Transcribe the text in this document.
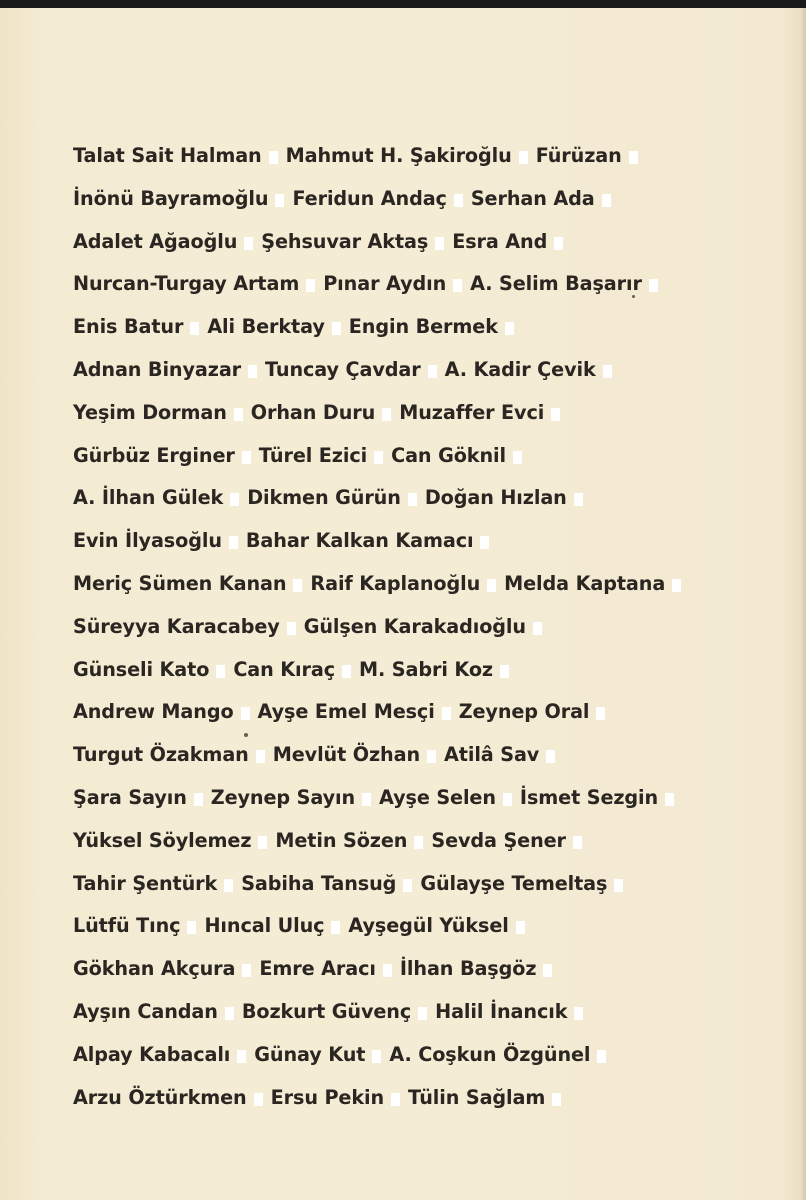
Talat Sait Halman Mahmut H. Şakiroğlu Fürüzan
İnönü Bayramoğlu Feridun Andaç Serhan Ada
Adalet Ağaoğlu Şehsuvar Aktaş Esra And
Nurcan-Turgay Artam Pınar Aydın A. Selim Başarır
Enis Batur Ali Berktay Engin Bermek
Adnan Binyazar Tuncay Çavdar A. Kadir Çevik
Yeşim Dorman Orhan Duru Muzaffer Evci
Gürbüz Erginer Türel Ezici Can Göknil
A. İlhan Gülek Dikmen Gürün Doğan Hızlan
Evin İlyasoğlu Bahar Kalkan Kamacı
Meriç Sümen Kanan Raif Kaplanoğlu Melda Kaptana
Süreyya Karacabey Gülşen Karakadıoğlu
Günseli Kato Can Kıraç M. Sabri Koz
Andrew Mango Ayşe Emel Mesçi Zeynep Oral
Turgut Özakman Mevlüt Özhan Atilâ Sav
Şara Sayın Zeynep Sayın Ayşe Selen İsmet Sezgin
Yüksel Söylemez Metin Sözen Sevda Şener
Tahir Şentürk Sabiha Tansuğ Gülayşe Temeltaş
Lütfü Tınç Hıncal Uluç Ayşegül Yüksel
Gökhan Akçura Emre Aracı İlhan Başgöz
Ayşın Candan Bozkurt Güvenç Halil İnancık
Alpay Kabacalı Günay Kut A. Coşkun Özgünel
Arzu Öztürkmen Ersu Pekin Tülin Sağlam
